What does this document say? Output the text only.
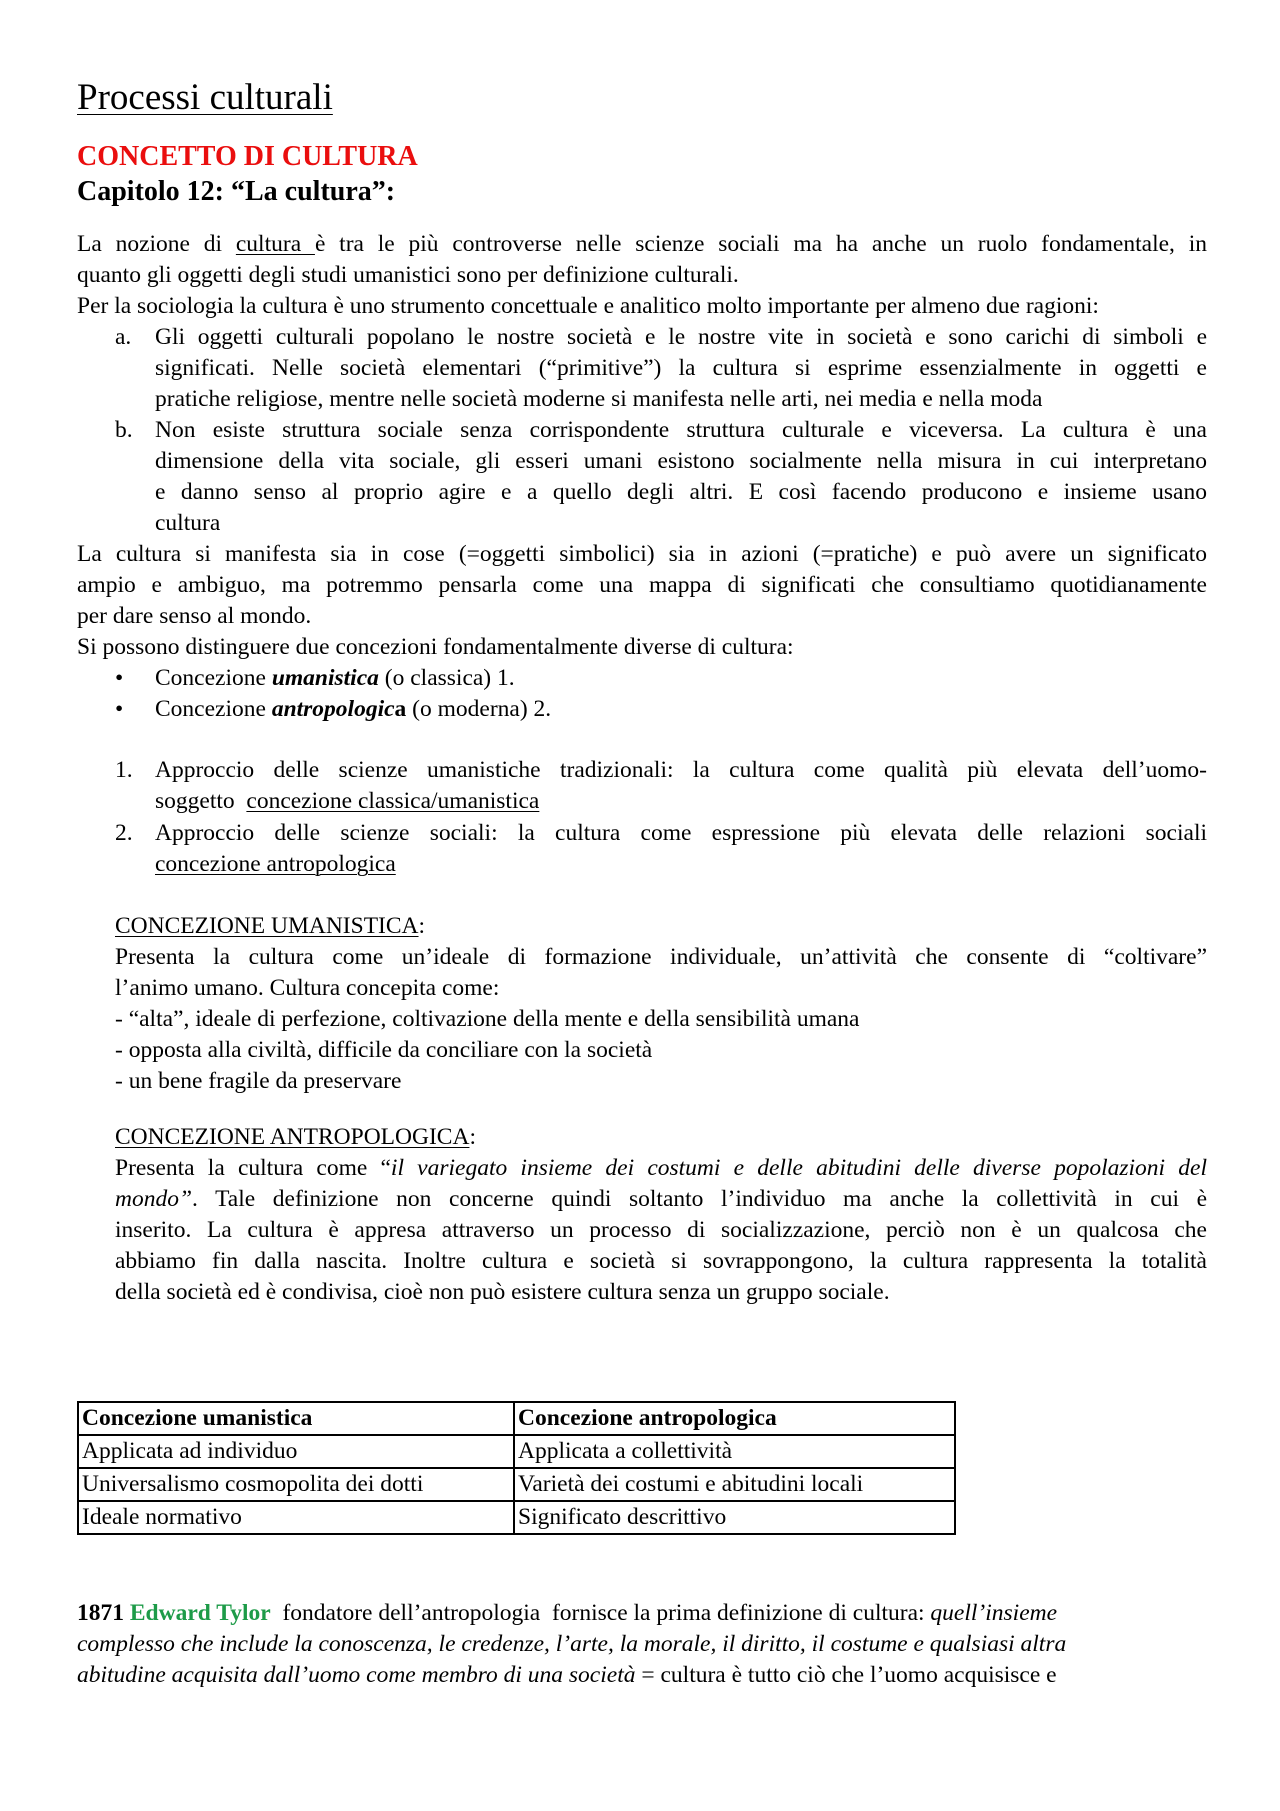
Processi culturali
CONCETTO DI CULTURA
Capitolo 12: “La cultura”:
La nozione di cultura è tra le più controverse nelle scienze sociali ma ha anche un ruolo fondamentale, in
quanto gli oggetti degli studi umanistici sono per definizione culturali.
Per la sociologia la cultura è uno strumento concettuale e analitico molto importante per almeno due ragioni:
a. Gli oggetti culturali popolano le nostre società e le nostre vite in società e sono carichi di simboli e
significati. Nelle società elementari (“primitive”) la cultura si esprime essenzialmente in oggetti e
pratiche religiose, mentre nelle società moderne si manifesta nelle arti, nei media e nella moda
b. Non esiste struttura sociale senza corrispondente struttura culturale e viceversa. La cultura è una
dimensione della vita sociale, gli esseri umani esistono socialmente nella misura in cui interpretano
e danno senso al proprio agire e a quello degli altri. E così facendo producono e insieme usano
cultura
La cultura si manifesta sia in cose (=oggetti simbolici) sia in azioni (=pratiche) e può avere un significato
ampio e ambiguo, ma potremmo pensarla come una mappa di significati che consultiamo quotidianamente
per dare senso al mondo.
Si possono distinguere due concezioni fondamentalmente diverse di cultura:
• Concezione umanistica (o classica) 1.
• Concezione antropologica (o moderna) 2.
1. Approccio delle scienze umanistiche tradizionali: la cultura come qualità più elevata dell’uomo-
soggetto  concezione classica/umanistica
2. Approccio delle scienze sociali: la cultura come espressione più elevata delle relazioni sociali
concezione antropologica
CONCEZIONE UMANISTICA:
Presenta la cultura come un’ideale di formazione individuale, un’attività che consente di “coltivare”
l’animo umano. Cultura concepita come:
- “alta”, ideale di perfezione, coltivazione della mente e della sensibilità umana
- opposta alla civiltà, difficile da conciliare con la società
- un bene fragile da preservare
CONCEZIONE ANTROPOLOGICA:
Presenta la cultura come “il variegato insieme dei costumi e delle abitudini delle diverse popolazioni del
mondo”. Tale definizione non concerne quindi soltanto l’individuo ma anche la collettività in cui è
inserito. La cultura è appresa attraverso un processo di socializzazione, perciò non è un qualcosa che
abbiamo fin dalla nascita. Inoltre cultura e società si sovrappongono, la cultura rappresenta la totalità
della società ed è condivisa, cioè non può esistere cultura senza un gruppo sociale.
Concezione umanistica	Concezione antropologica
Applicata ad individuo	Applicata a collettività
Universalismo cosmopolita dei dotti	Varietà dei costumi e abitudini locali
Ideale normativo	Significato descrittivo
1871 Edward Tylor  fondatore dell’antropologia  fornisce la prima definizione di cultura: quell’insieme
complesso che include la conoscenza, le credenze, l’arte, la morale, il diritto, il costume e qualsiasi altra
abitudine acquisita dall’uomo come membro di una società = cultura è tutto ciò che l’uomo acquisisce e
